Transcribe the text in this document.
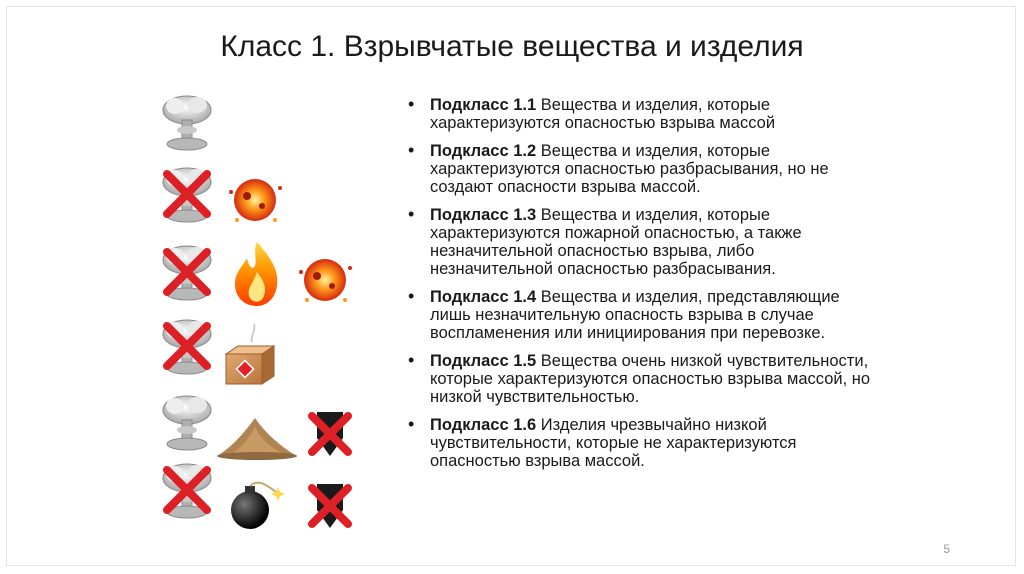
Класс 1. Взрывчатые вещества и изделия
• Подкласс 1.1 Вещества и изделия, которые характеризуются опасностью взрыва массой
• Подкласс 1.2 Вещества и изделия, которые характеризуются опасностью разбрасывания, но не создают опасности взрыва массой.
• Подкласс 1.3 Вещества и изделия, которые характеризуются пожарной опасностью, а также незначительной опасностью взрыва, либо незначительной опасностью разбрасывания.
• Подкласс 1.4 Вещества и изделия, представляющие лишь незначительную опасность взрыва в случае воспламенения или инициирования при перевозке.
• Подкласс 1.5 Вещества очень низкой чувствительности, которые характеризуются опасностью взрыва массой, но низкой чувствительностью.
• Подкласс 1.6 Изделия чрезвычайно низкой чувствительности, которые не характеризуются опасностью взрыва массой.
5
